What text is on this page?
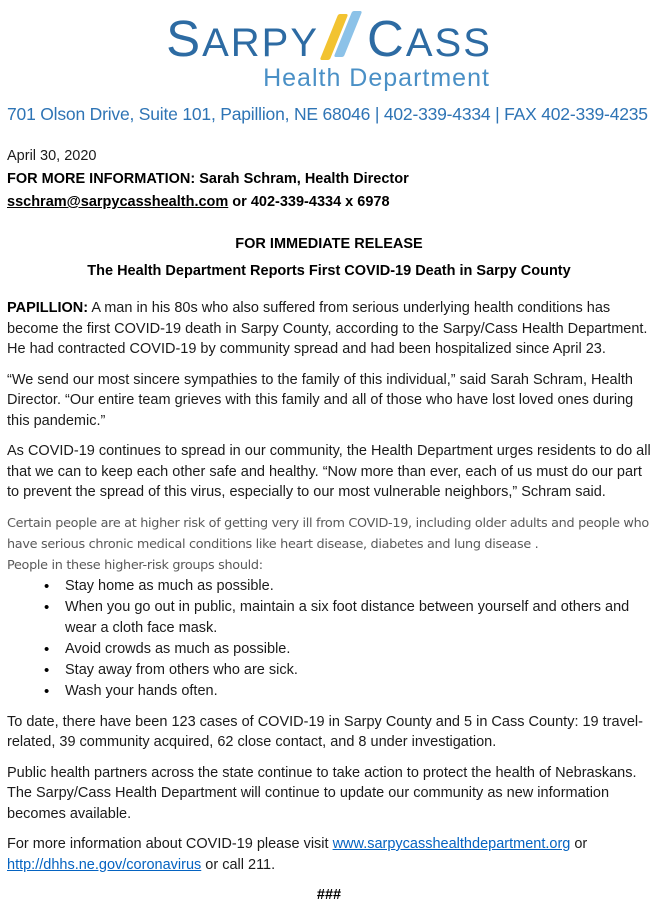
SARPY CASS
Health Department
701 Olson Drive, Suite 101, Papillion, NE 68046 | 402-339-4334 | FAX 402-339-4235
April 30, 2020
FOR MORE INFORMATION: Sarah Schram, Health Director
sschram@sarpycasshealth.com or 402-339-4334 x 6978
FOR IMMEDIATE RELEASE
The Health Department Reports First COVID-19 Death in Sarpy County

PAPILLION: A man in his 80s who also suffered from serious underlying health conditions has become the first COVID-19 death in Sarpy County, according to the Sarpy/Cass Health Department. He had contracted COVID-19 by community spread and had been hospitalized since April 23.

“We send our most sincere sympathies to the family of this individual,” said Sarah Schram, Health Director. “Our entire team grieves with this family and all of those who have lost loved ones during this pandemic.”

As COVID-19 continues to spread in our community, the Health Department urges residents to do all that we can to keep each other safe and healthy. “Now more than ever, each of us must do our part to prevent the spread of this virus, especially to our most vulnerable neighbors,” Schram said.

Certain people are at higher risk of getting very ill from COVID-19, including older adults and people who have serious chronic medical conditions like heart disease, diabetes and lung disease .
People in these higher-risk groups should:
• Stay home as much as possible.
• When you go out in public, maintain a six foot distance between yourself and others and wear a cloth face mask.
• Avoid crowds as much as possible.
• Stay away from others who are sick.
• Wash your hands often.

To date, there have been 123 cases of COVID-19 in Sarpy County and 5 in Cass County: 19 travel-related, 39 community acquired, 62 close contact, and 8 under investigation.

Public health partners across the state continue to take action to protect the health of Nebraskans. The Sarpy/Cass Health Department will continue to update our community as new information becomes available.

For more information about COVID-19 please visit www.sarpycasshealthdepartment.org or http://dhhs.ne.gov/coronavirus or call 211.

###
